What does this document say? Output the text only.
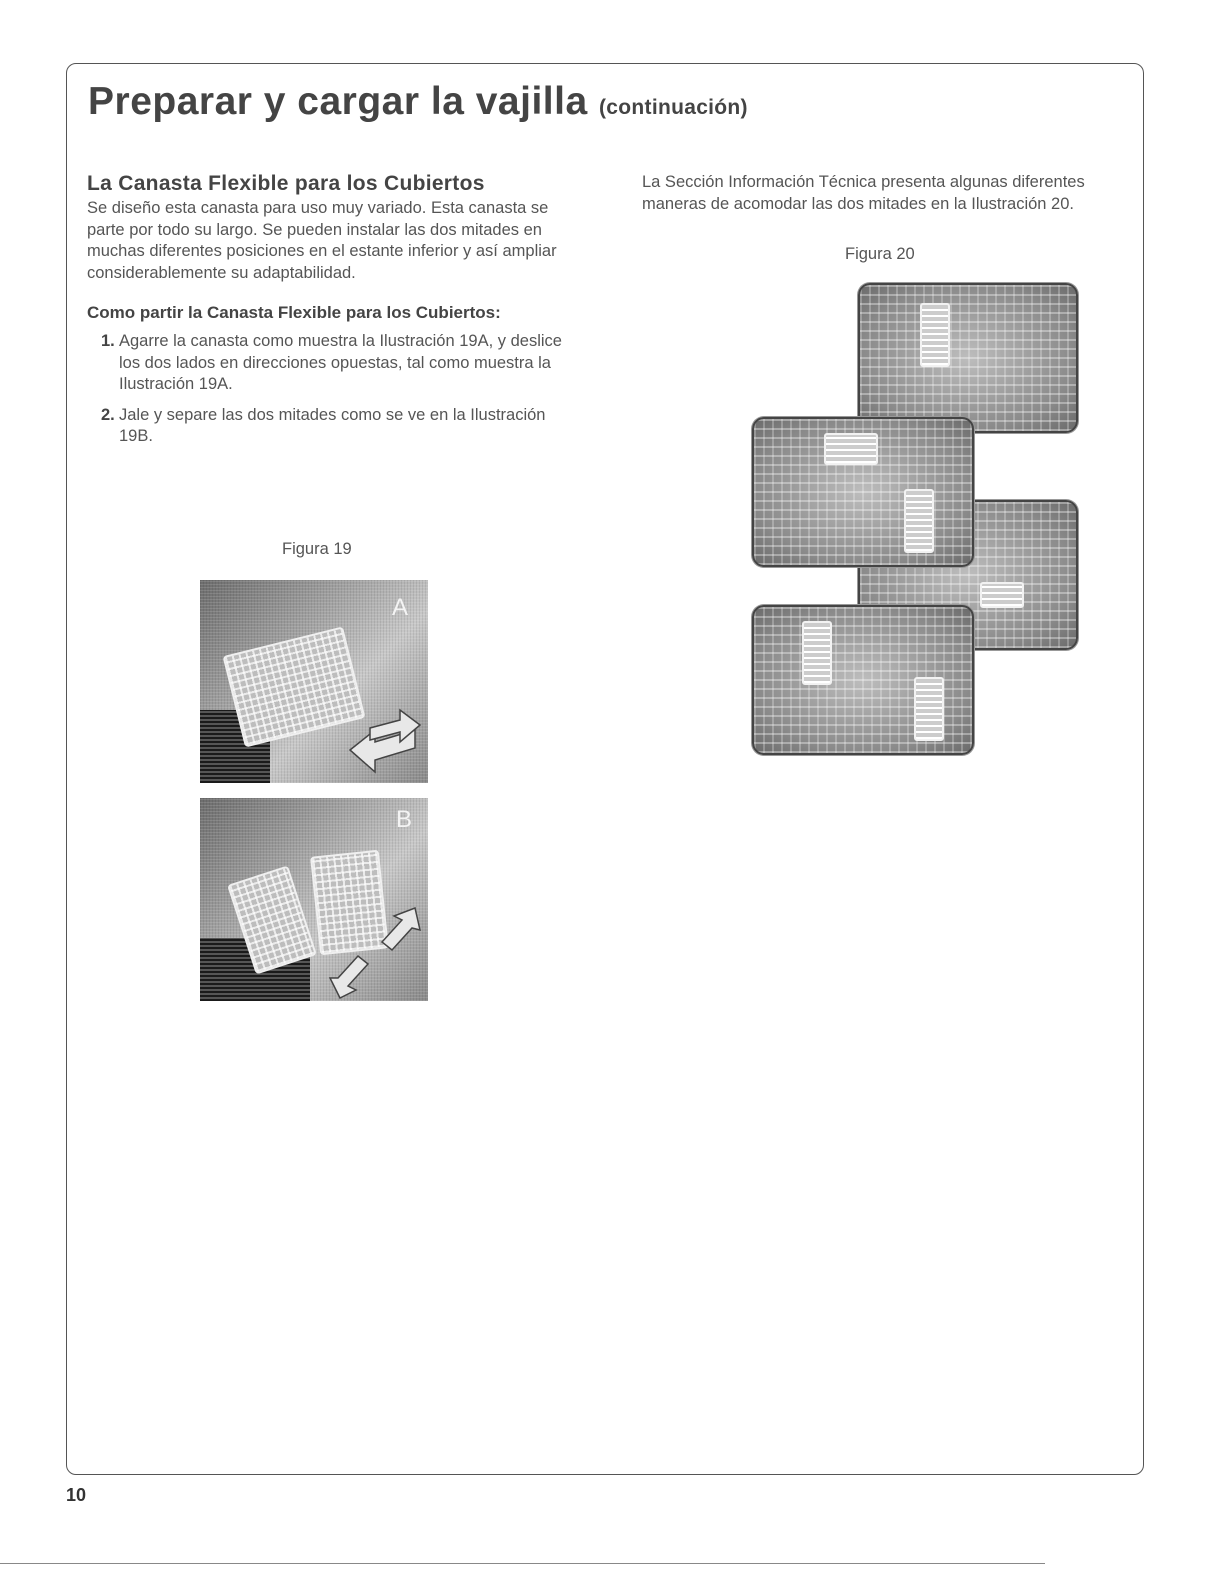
Preparar y cargar la vajilla (continuación)
La Canasta Flexible para los Cubiertos

Se diseño esta canasta para uso muy variado. Esta canasta se parte por todo su largo. Se pueden instalar las dos mitades en muchas diferentes posiciones en el estante inferior y así ampliar considerablemente su adaptabilidad.

Como partir la Canasta Flexible para los Cubiertos:
1. Agarre la canasta como muestra la Ilustración 19A, y deslice los dos lados en direcciones opuestas, tal como muestra la Ilustración 19A.
2. Jale y separe las dos mitades como se ve en la Ilustración 19B.
Figura 19
A
B

La Sección Información Técnica presenta algunas diferentes maneras de acomodar las dos mitades en la Ilustración 20.

Figura 20
10
